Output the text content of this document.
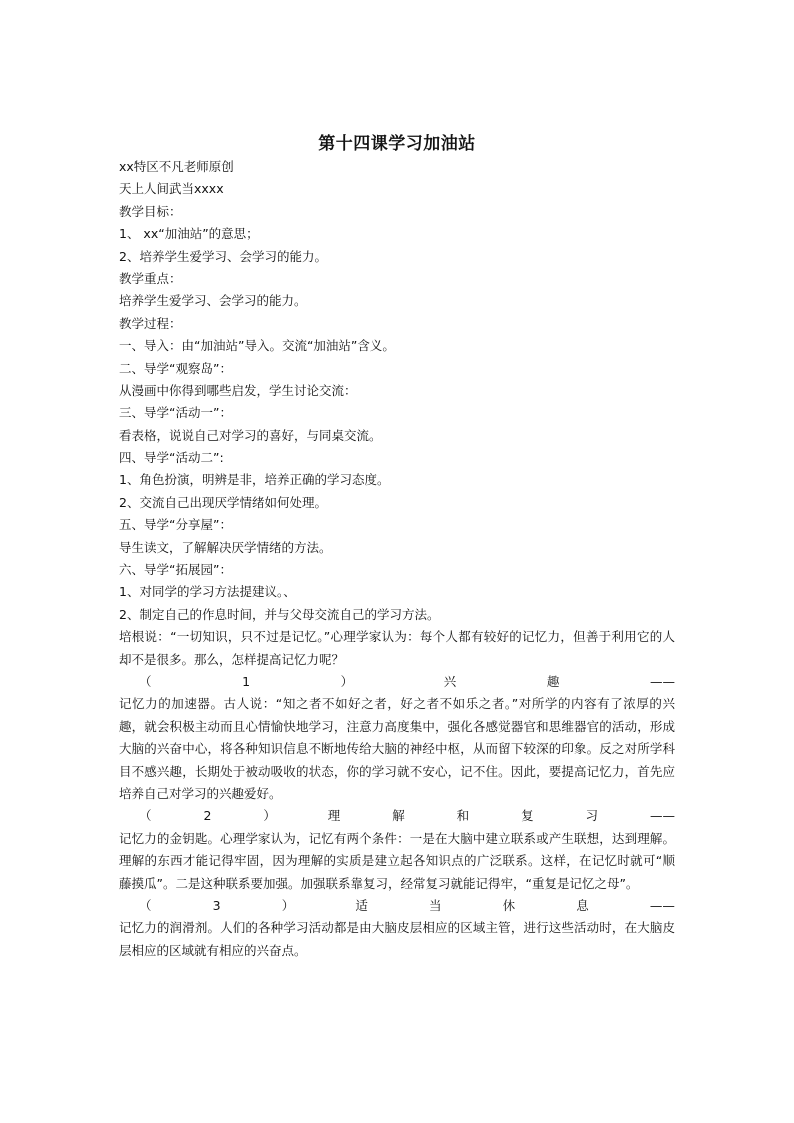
第十四课学习加油站
xx特区不凡老师原创
天上人间武当xxxx
教学目标：
1、 xx“加油站”的意思；
2、培养学生爱学习、会学习的能力。
教学重点：
培养学生爱学习、会学习的能力。
教学过程：
一、导入：由“加油站”导入。交流“加油站”含义。
二、导学“观察岛”：
从漫画中你得到哪些启发，学生讨论交流：
三、导学“活动一”：
看表格，说说自己对学习的喜好，与同桌交流。
四、导学“活动二”:
1、角色扮演，明辨是非，培养正确的学习态度。
2、交流自己出现厌学情绪如何处理。
五、导学“分享屋”：
导生读文，了解解决厌学情绪的方法。
六、导学“拓展园”：
1、对同学的学习方法提建议。、
2、制定自己的作息时间，并与父母交流自己的学习方法。
培根说：“一切知识，只不过是记忆。”心理学家认为：每个人都有较好的记忆力，但善于利用它的人却不是很多。那么，怎样提高记忆力呢？
（	1	）	兴	趣	——
记忆力的加速器。古人说：“知之者不如好之者，好之者不如乐之者。”对所学的内容有了浓厚的兴趣，就会积极主动而且心情愉快地学习，注意力高度集中，强化各感觉器官和思维器官的活动，形成大脑的兴奋中心，将各种知识信息不断地传给大脑的神经中枢，从而留下较深的印象。反之对所学科目不感兴趣，长期处于被动吸收的状态，你的学习就不安心，记不住。因此，要提高记忆力，首先应培养自己对学习的兴趣爱好。
（	2	）	理	解	和	复	习	——
记忆力的金钥匙。心理学家认为，记忆有两个条件：一是在大脑中建立联系或产生联想，达到理解。理解的东西才能记得牢固，因为理解的实质是建立起各知识点的广泛联系。这样，在记忆时就可“顺藤摸瓜”。二是这种联系要加强。加强联系靠复习，经常复习就能记得牢，“重复是记忆之母”。
（	3	）	适	当	休	息	——
记忆力的润滑剂。人们的各种学习活动都是由大脑皮层相应的区域主管，进行这些活动时，在大脑皮层相应的区域就有相应的兴奋点。
